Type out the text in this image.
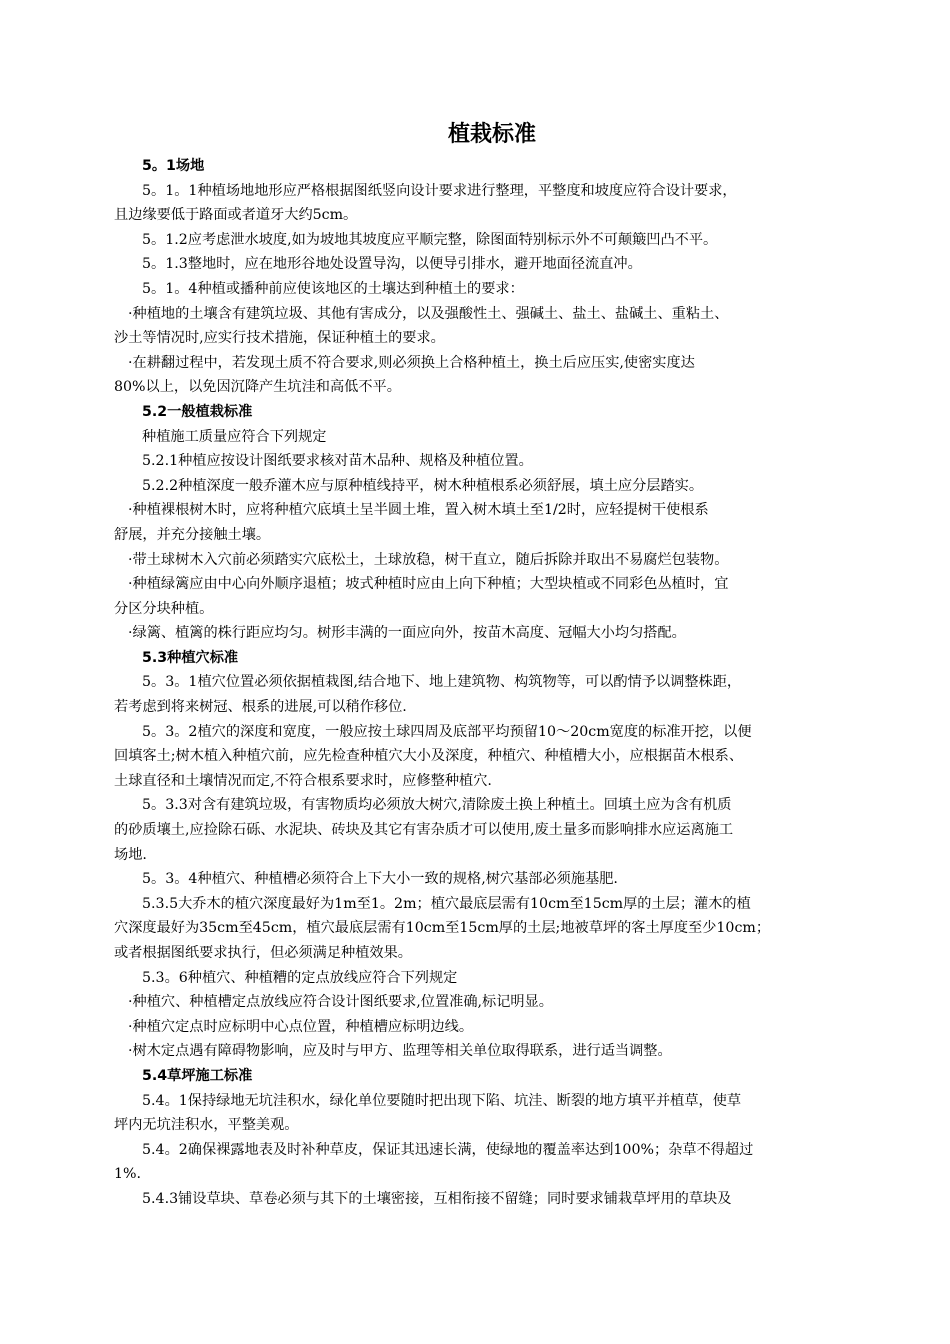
植栽标准
5。1场地
5。1。1种植场地地形应严格根据图纸竖向设计要求进行整理，平整度和坡度应符合设计要求，
且边缘要低于路面或者道牙大约5cm。
5。1.2应考虑泄水坡度,如为坡地其坡度应平顺完整，除图面特别标示外不可颠簸凹凸不平。
5。1.3整地时，应在地形谷地处设置导沟，以便导引排水，避开地面径流直冲。
5。1。4种植或播种前应使该地区的土壤达到种植土的要求：
·种植地的土壤含有建筑垃圾、其他有害成分，以及强酸性土、强碱土、盐土、盐碱土、重粘土、
沙土等情况时,应实行技术措施，保证种植土的要求。
·在耕翻过程中，若发现土质不符合要求,则必须换上合格种植土，换土后应压实,使密实度达
80%以上，以免因沉降产生坑洼和高低不平。
5.2一般植栽标准
种植施工质量应符合下列规定
5.2.1种植应按设计图纸要求核对苗木品种、规格及种植位置。
5.2.2种植深度一般乔灌木应与原种植线持平，树木种植根系必须舒展，填土应分层踏实。
·种植裸根树木时，应将种植穴底填土呈半圆土堆，置入树木填土至1/2时，应轻提树干使根系
舒展，并充分接触土壤。
·带土球树木入穴前必须踏实穴底松土，土球放稳，树干直立，随后拆除并取出不易腐烂包装物。
·种植绿篱应由中心向外顺序退植；坡式种植时应由上向下种植；大型块植或不同彩色丛植时，宜
分区分块种植。
·绿篱、植篱的株行距应均匀。树形丰满的一面应向外，按苗木高度、冠幅大小均匀搭配。
5.3种植穴标准
5。3。1植穴位置必须依据植栽图,结合地下、地上建筑物、构筑物等，可以酌情予以调整株距，
若考虑到将来树冠、根系的进展,可以稍作移位.
5。3。2植穴的深度和宽度，一般应按土球四周及底部平均预留10～20cm宽度的标准开挖，以便
回填客土;树木植入种植穴前，应先检查种植穴大小及深度，种植穴、种植槽大小，应根据苗木根系、
土球直径和土壤情况而定,不符合根系要求时，应修整种植穴.
5。3.3对含有建筑垃圾，有害物质均必须放大树穴,清除废土换上种植土。回填土应为含有机质
的砂质壤土,应捡除石砾、水泥块、砖块及其它有害杂质才可以使用,废土量多而影响排水应运离施工
场地.
5。3。4种植穴、种植槽必须符合上下大小一致的规格,树穴基部必须施基肥.
5.3.5大乔木的植穴深度最好为1m至1。2m；植穴最底层需有10cm至15cm厚的土层；灌木的植
穴深度最好为35cm至45cm，植穴最底层需有10cm至15cm厚的土层;地被草坪的客土厚度至少10cm；
或者根据图纸要求执行，但必须满足种植效果。
5.3。6种植穴、种植糟的定点放线应符合下列规定
·种植穴、种植槽定点放线应符合设计图纸要求,位置准确,标记明显。
·种植穴定点时应标明中心点位置，种植槽应标明边线。
·树木定点遇有障碍物影响，应及时与甲方、监理等相关单位取得联系，进行适当调整。
5.4草坪施工标准
5.4。1保持绿地无坑洼积水，绿化单位要随时把出现下陷、坑洼、断裂的地方填平并植草，使草
坪内无坑洼积水，平整美观。
5.4。2确保裸露地表及时补种草皮，保证其迅速长满，使绿地的覆盖率达到100%；杂草不得超过
1%.
5.4.3铺设草块、草卷必须与其下的土壤密接，互相衔接不留缝；同时要求铺栽草坪用的草块及
